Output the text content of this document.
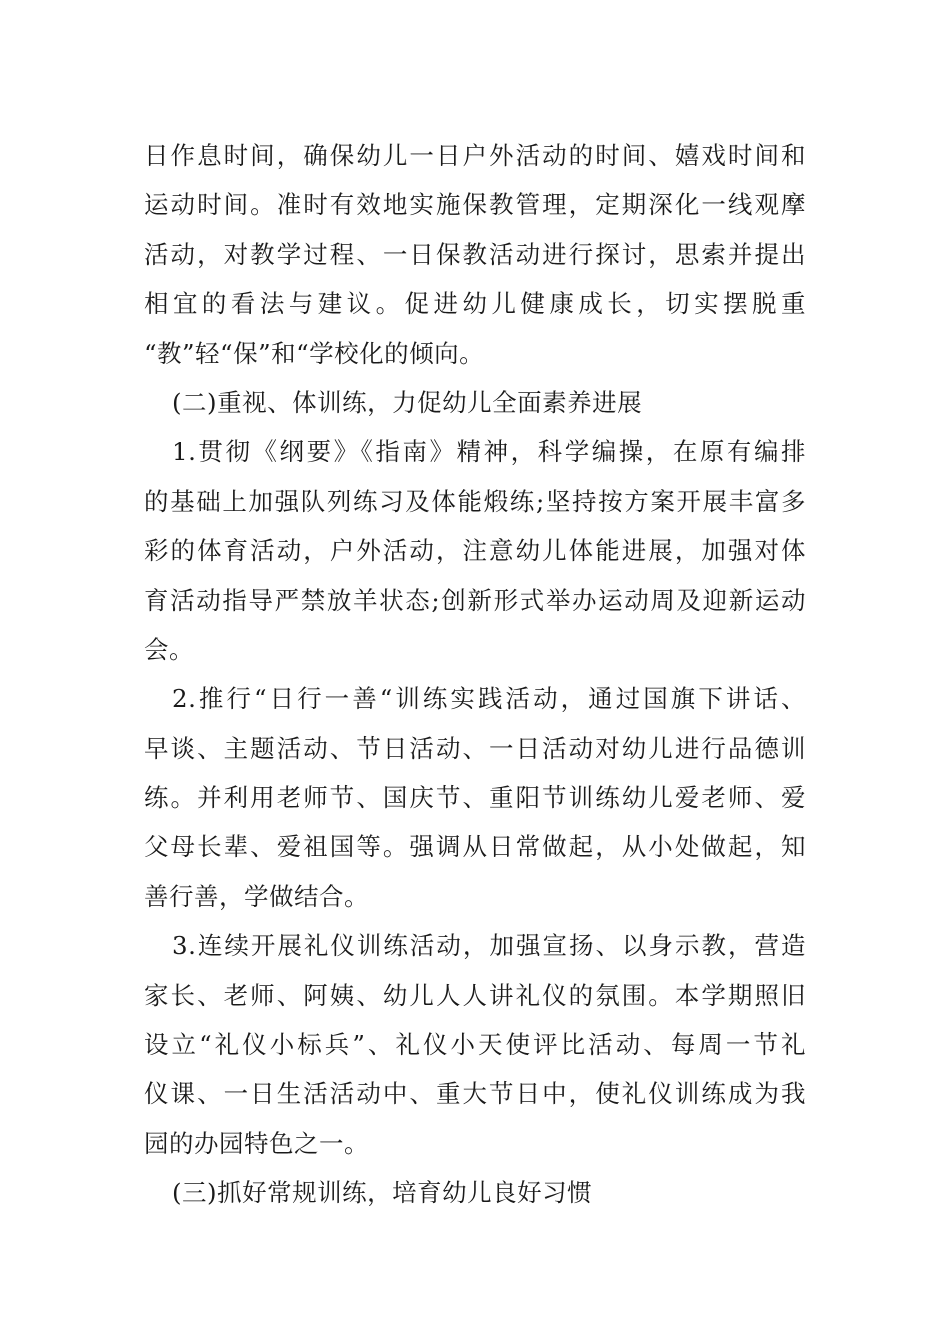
日作息时间，确保幼儿一日户外活动的时间、嬉戏时间和
运动时间。准时有效地实施保教管理，定期深化一线观摩
活动，对教学过程、一日保教活动进行探讨，思索并提出
相宜的看法与建议。促进幼儿健康成长，切实摆脱重
“教”轻“保”和“学校化的倾向。
(二)重视、体训练，力促幼儿全面素养进展
1.贯彻《纲要》《指南》精神，科学编操，在原有编排
的基础上加强队列练习及体能煅练;坚持按方案开展丰富多
彩的体育活动，户外活动，注意幼儿体能进展，加强对体
育活动指导严禁放羊状态;创新形式举办运动周及迎新运动
会。
2.推行“日行一善“训练实践活动，通过国旗下讲话、
早谈、主题活动、节日活动、一日活动对幼儿进行品德训
练。并利用老师节、国庆节、重阳节训练幼儿爱老师、爱
父母长辈、爱祖国等。强调从日常做起，从小处做起，知
善行善，学做结合。
3.连续开展礼仪训练活动，加强宣扬、以身示教，营造
家长、老师、阿姨、幼儿人人讲礼仪的氛围。本学期照旧
设立“礼仪小标兵”、礼仪小天使评比活动、每周一节礼
仪课、一日生活活动中、重大节日中，使礼仪训练成为我
园的办园特色之一。
(三)抓好常规训练，培育幼儿良好习惯
